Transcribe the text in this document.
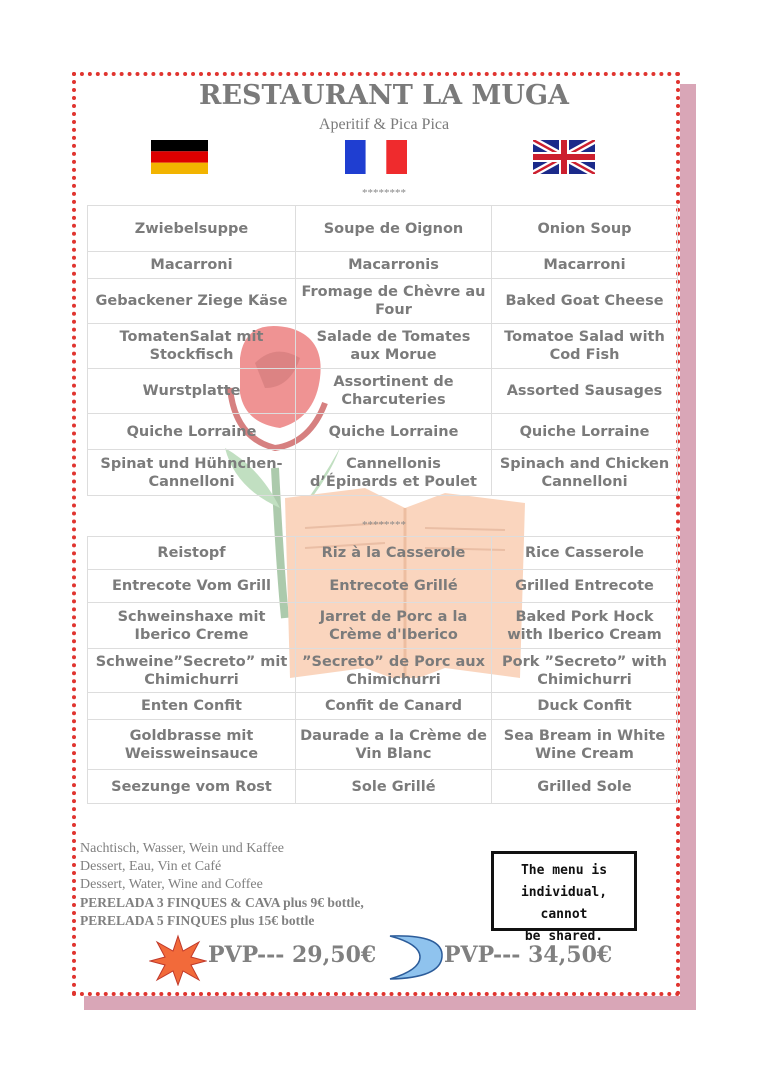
RESTAURANT LA MUGA
Aperitif & Pica Pica
********
Zwiebelsuppe	Soupe de Oignon	Onion Soup
Macarroni	Macarronis	Macarroni
Gebackener Ziege Käse	Fromage de Chèvre au Four	Baked Goat Cheese
TomatenSalat mit Stockfisch	Salade de Tomates aux Morue	Tomatoe Salad with Cod Fish
Wurstplatte	Assortinent de Charcuteries	Assorted Sausages
Quiche Lorraine	Quiche Lorraine	Quiche Lorraine
Spinat und Hühnchen-Cannelloni	Cannellonis d’Épinards et Poulet	Spinach and Chicken Cannelloni
********
Reistopf	Riz à la Casserole	Rice Casserole
Entrecote Vom Grill	Entrecote Grillé	Grilled Entrecote
Schweinshaxe mit Iberico Creme	Jarret de Porc a la Crème d'Iberico	Baked Pork Hock with Iberico Cream
Schweine”Secreto” mit Chimichurri	”Secreto” de Porc aux Chimichurri	Pork ”Secreto” with Chimichurri
Enten Confit	Confit de Canard	Duck Confit
Goldbrasse mit Weissweinsauce	Daurade a la Crème de Vin Blanc	Sea Bream in White Wine Cream
Seezunge vom Rost	Sole Grillé	Grilled Sole
Nachtisch, Wasser, Wein und Kaffee
Dessert, Eau, Vin et Café
Dessert, Water, Wine and Coffee
PERELADA 3 FINQUES & CAVA plus 9€ bottle,
PERELADA 5 FINQUES plus 15€ bottle
The menu is
individual, cannot
be shared.
PVP--- 29,50€	PVP--- 34,50€
